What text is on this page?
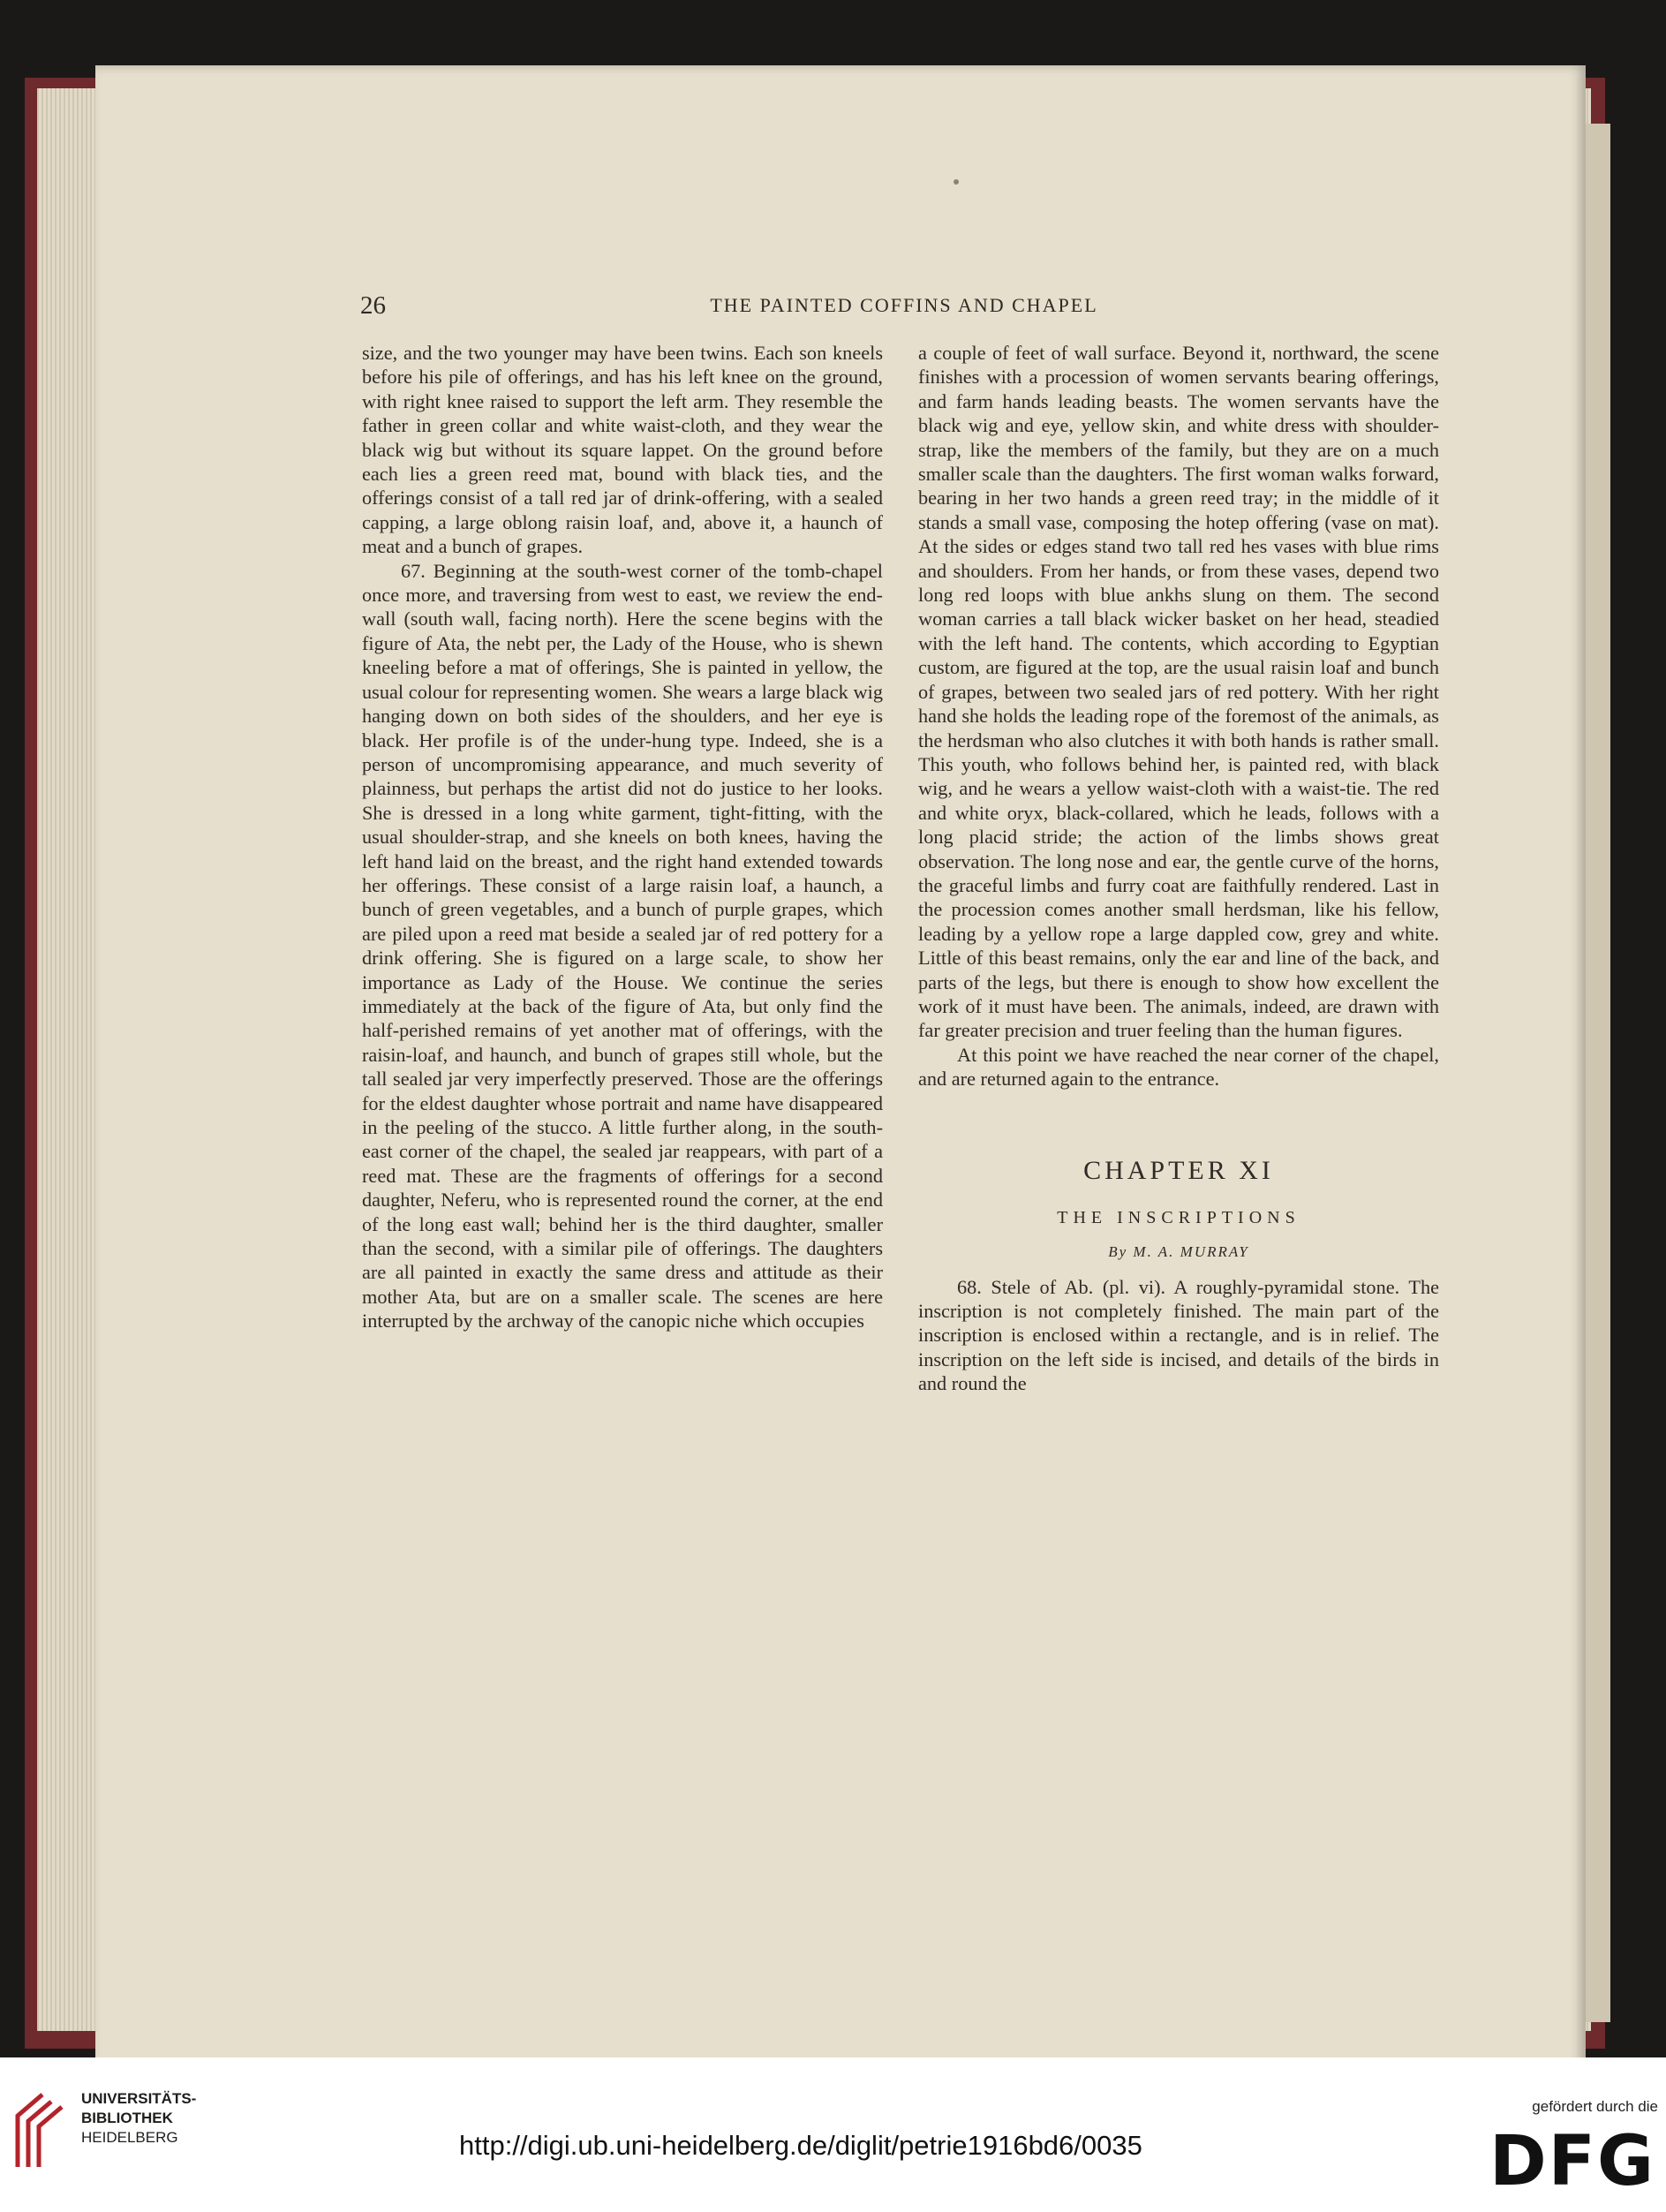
26	THE PAINTED COFFINS AND CHAPEL

size, and the two younger may have been twins. Each son kneels before his pile of offerings, and has his left knee on the ground, with right knee raised to support the left arm. They resemble the father in green collar and white waist-cloth, and they wear the black wig but without its square lappet. On the ground before each lies a green reed mat, bound with black ties, and the offerings consist of a tall red jar of drink-offering, with a sealed capping, a large oblong raisin loaf, and, above it, a haunch of meat and a bunch of grapes.

67. Beginning at the south-west corner of the tomb-chapel once more, and traversing from west to east, we review the end-wall (south wall, facing north). Here the scene begins with the figure of Ata, the nebt per, the Lady of the House, who is shewn kneeling before a mat of offerings, She is painted in yellow, the usual colour for representing women. She wears a large black wig hanging down on both sides of the shoulders, and her eye is black. Her profile is of the under-hung type. Indeed, she is a person of uncompromising appearance, and much severity of plainness, but perhaps the artist did not do justice to her looks. She is dressed in a long white garment, tight-fitting, with the usual shoulder-strap, and she kneels on both knees, having the left hand laid on the breast, and the right hand extended towards her offerings. These consist of a large raisin loaf, a haunch, a bunch of green vegetables, and a bunch of purple grapes, which are piled upon a reed mat beside a sealed jar of red pottery for a drink offering. She is figured on a large scale, to show her importance as Lady of the House. We continue the series immediately at the back of the figure of Ata, but only find the half-perished remains of yet another mat of offerings, with the raisin-loaf, and haunch, and bunch of grapes still whole, but the tall sealed jar very imperfectly preserved. Those are the offerings for the eldest daughter whose portrait and name have disappeared in the peeling of the stucco. A little further along, in the south-east corner of the chapel, the sealed jar reappears, with part of a reed mat. These are the fragments of offerings for a second daughter, Neferu, who is represented round the corner, at the end of the long east wall; behind her is the third daughter, smaller than the second, with a similar pile of offerings. The daughters are all painted in exactly the same dress and attitude as their mother Ata, but are on a smaller scale. The scenes are here interrupted by the archway of the canopic niche which occupies

a couple of feet of wall surface. Beyond it, northward, the scene finishes with a procession of women servants bearing offerings, and farm hands leading beasts. The women servants have the black wig and eye, yellow skin, and white dress with shoulder-strap, like the members of the family, but they are on a much smaller scale than the daughters. The first woman walks forward, bearing in her two hands a green reed tray; in the middle of it stands a small vase, composing the hotep offering (vase on mat). At the sides or edges stand two tall red hes vases with blue rims and shoulders. From her hands, or from these vases, depend two long red loops with blue ankhs slung on them. The second woman carries a tall black wicker basket on her head, steadied with the left hand. The contents, which according to Egyptian custom, are figured at the top, are the usual raisin loaf and bunch of grapes, between two sealed jars of red pottery. With her right hand she holds the leading rope of the foremost of the animals, as the herdsman who also clutches it with both hands is rather small. This youth, who follows behind her, is painted red, with black wig, and he wears a yellow waist-cloth with a waist-tie. The red and white oryx, black-collared, which he leads, follows with a long placid stride; the action of the limbs shows great observation. The long nose and ear, the gentle curve of the horns, the graceful limbs and furry coat are faithfully rendered. Last in the procession comes another small herdsman, like his fellow, leading by a yellow rope a large dappled cow, grey and white. Little of this beast remains, only the ear and line of the back, and parts of the legs, but there is enough to show how excellent the work of it must have been. The animals, indeed, are drawn with far greater precision and truer feeling than the human figures.

At this point we have reached the near corner of the chapel, and are returned again to the entrance.

CHAPTER XI
THE INSCRIPTIONS
By M. A. MURRAY

68. Stele of Ab. (pl. vi). A roughly-pyramidal stone. The inscription is not completely finished. The main part of the inscription is enclosed within a rectangle, and is in relief. The inscription on the left side is incised, and details of the birds in and round the

UNIVERSITÄTS-
BIBLIOTHEK
HEIDELBERG	http://digi.ub.uni-heidelberg.de/diglit/petrie1916bd6/0035
gefördert durch die
DFG
